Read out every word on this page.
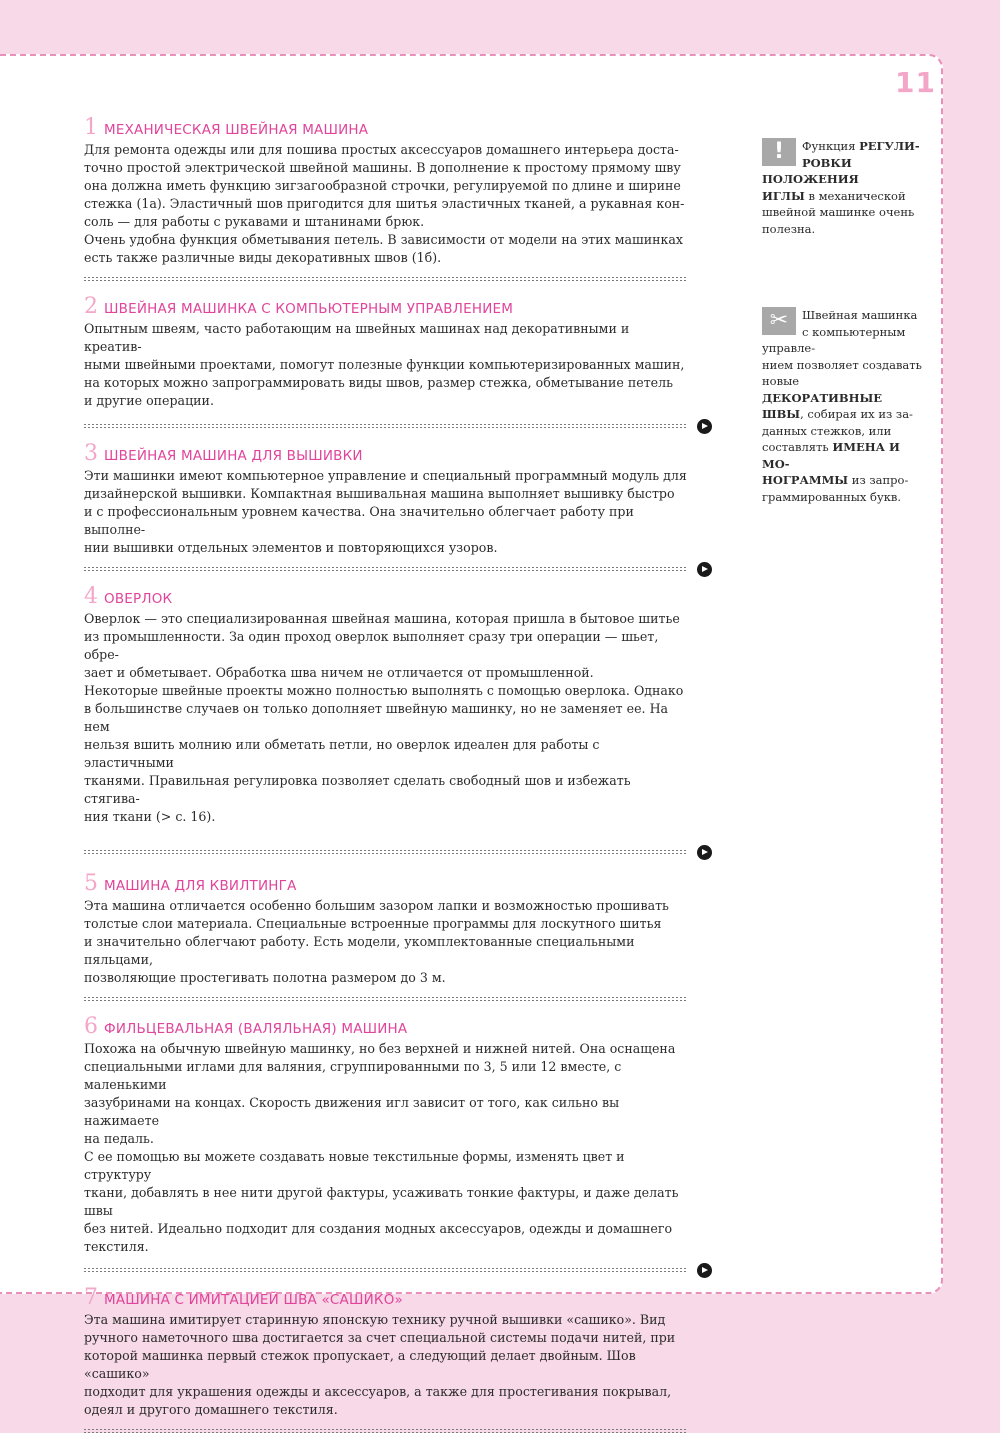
11
1 МЕХАНИЧЕСКАЯ ШВЕЙНАЯ МАШИНА
Для ремонта одежды или для пошива простых аксессуаров домашнего интерьера доста-
точно простой электрической швейной машины. В дополнение к простому прямому шву
она должна иметь функцию зигзагообразной строчки, регулируемой по длине и ширине
стежка (1а). Эластичный шов пригодится для шитья эластичных тканей, а рукавная кон-
соль — для работы с рукавами и штанинами брюк.
Очень удобна функция обметывания петель. В зависимости от модели на этих машинках
есть также различные виды декоративных швов (1б).
2 ШВЕЙНАЯ МАШИНКА С КОМПЬЮТЕРНЫМ УПРАВЛЕНИЕМ
Опытным швеям, часто работающим на швейных машинах над декоративными и креатив-
ными швейными проектами, помогут полезные функции компьютеризированных машин,
на которых можно запрограммировать виды швов, размер стежка, обметывание петель
и другие операции.
3 ШВЕЙНАЯ МАШИНА ДЛЯ ВЫШИВКИ
Эти машинки имеют компьютерное управление и специальный программный модуль для
дизайнерской вышивки. Компактная вышивальная машина выполняет вышивку быстро
и с профессиональным уровнем качества. Она значительно облегчает работу при выполне-
нии вышивки отдельных элементов и повторяющихся узоров.
4 ОВЕРЛОК
Оверлок — это специализированная швейная машина, которая пришла в бытовое шитье
из промышленности. За один проход оверлок выполняет сразу три операции — шьет, обре-
зает и обметывает. Обработка шва ничем не отличается от промышленной.
Некоторые швейные проекты можно полностью выполнять с помощью оверлока. Однако
в большинстве случаев он только дополняет швейную машинку, но не заменяет ее. На нем
нельзя вшить молнию или обметать петли, но оверлок идеален для работы с эластичными
тканями. Правильная регулировка позволяет сделать свободный шов и избежать стягива-
ния ткани (> с. 16).
5 МАШИНА ДЛЯ КВИЛТИНГА
Эта машина отличается особенно большим зазором лапки и возможностью прошивать
толстые слои материала. Специальные встроенные программы для лоскутного шитья
и значительно облегчают работу. Есть модели, укомплектованные специальными пяльцами,
позволяющие простегивать полотна размером до 3 м.
6 ФИЛЬЦЕВАЛЬНАЯ (ВАЛЯЛЬНАЯ) МАШИНА
Похожа на обычную швейную машинку, но без верхней и нижней нитей. Она оснащена
специальными иглами для валяния, сгруппированными по 3, 5 или 12 вместе, с маленькими
зазубринами на концах. Скорость движения игл зависит от того, как сильно вы нажимаете
на педаль.
С ее помощью вы можете создавать новые текстильные формы, изменять цвет и структуру
ткани, добавлять в нее нити другой фактуры, усаживать тонкие фактуры, и даже делать швы
без нитей. Идеально подходит для создания модных аксессуаров, одежды и домашнего
текстиля.
7 МАШИНА С ИМИТАЦИЕЙ ШВА «САШИКО»
Эта машина имитирует старинную японскую технику ручной вышивки «сашико». Вид
ручного наметочного шва достигается за счет специальной системы подачи нитей, при
которой машинка первый стежок пропускает, а следующий делает двойным. Шов «сашико»
подходит для украшения одежды и аксессуаров, а также для простегивания покрывал,
одеял и другого домашнего текстиля.
!	Функция РЕГУЛИ-
РОВКИ ПОЛОЖЕНИЯ
ИГЛЫ в механической
швейной машинке очень
полезна.
✂	Швейная машинка
с компьютерным управле-
нием позволяет создавать
новые ДЕКОРАТИВНЫЕ
ШВЫ, собирая их из за-
данных стежков, или
составлять ИМЕНА И МО-
НОГРАММЫ из запро-
граммированных букв.
